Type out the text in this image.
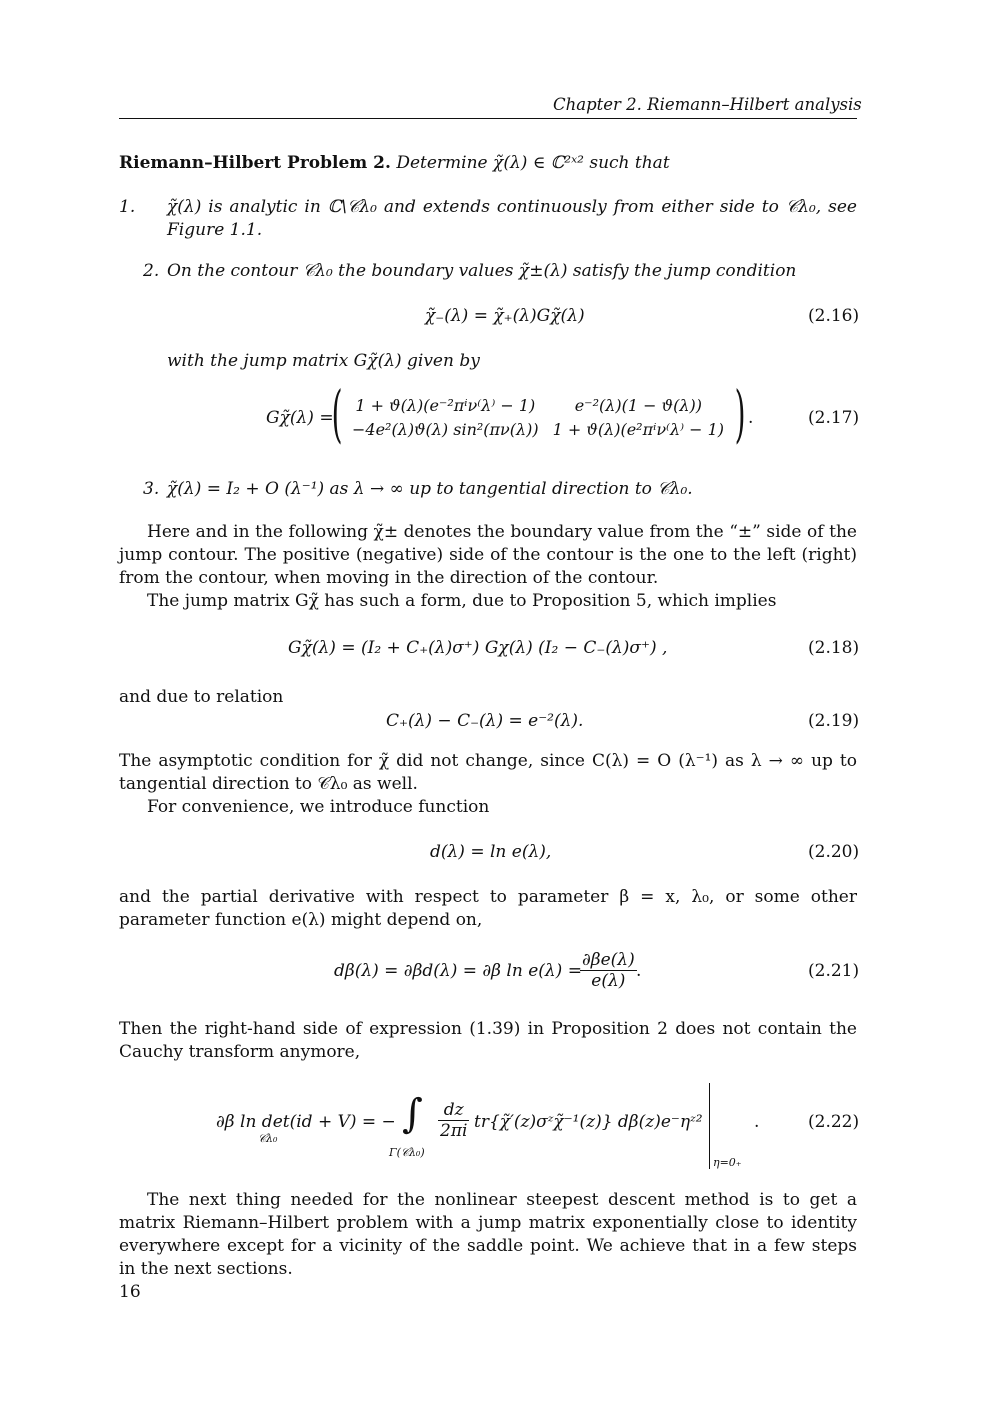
Chapter 2. Riemann–Hilbert analysis
Riemann–Hilbert Problem 2. Determine χ̃(λ) ∈ ℂ²ˣ² such that
1. χ̃(λ) is analytic in ℂ\𝒞λ₀ and extends continuously from either side to 𝒞λ₀, see Figure 1.1.
2. On the contour 𝒞λ₀ the boundary values χ̃±(λ) satisfy the jump condition
χ̃₋(λ) = χ̃₊(λ)Gχ̃(λ)	(2.16)
with the jump matrix Gχ̃(λ) given by
Gχ̃(λ) =
( 1 + ϑ(λ)(e⁻²πⁱν⁽λ⁾ − 1)	e⁻²(λ)(1 − ϑ(λ))
−4e²(λ)ϑ(λ) sin²(πν(λ))	1 + ϑ(λ)(e²πⁱν⁽λ⁾ − 1) ) .	(2.17)
3. χ̃(λ) = I₂ + O (λ⁻¹) as λ → ∞ up to tangential direction to 𝒞λ₀.
Here and in the following χ̃± denotes the boundary value from the “±” side of the jump contour. The positive (negative) side of the contour is the one to the left (right) from the contour, when moving in the direction of the contour.
The jump matrix Gχ̃ has such a form, due to Proposition 5, which implies
Gχ̃(λ) = (I₂ + C₊(λ)σ⁺) Gχ(λ) (I₂ − C₋(λ)σ⁺) ,	(2.18)
and due to relation
C₊(λ) − C₋(λ) = e⁻²(λ).	(2.19)
The asymptotic condition for χ̃ did not change, since C(λ) = O (λ⁻¹) as λ → ∞ up to tangential direction to 𝒞λ₀ as well.
For convenience, we introduce function
d(λ) = ln e(λ),	(2.20)
and the partial derivative with respect to parameter β = x, λ₀, or some other parameter function e(λ) might depend on,
dβ(λ) = ∂βd(λ) = ∂β ln e(λ) =
$\frac{\partial\beta e(\lambda)}{e(\lambda)}$ .	(2.21)
Then the right-hand side of expression (1.39) in Proposition 2 does not contain the Cauchy transform anymore,
∂β ln det(id + V) = −
𝒞λ₀
∫
Γ(𝒞λ₀)
$\frac{dz}{2\pi i}$ tr{χ̃′(z)σᶻχ̃⁻¹(z)} dβ(z)e⁻ηᶻ²
η=0₊
.	(2.22)
The next thing needed for the nonlinear steepest descent method is to get a matrix Riemann–Hilbert problem with a jump matrix exponentially close to identity everywhere except for a vicinity of the saddle point. We achieve that in a few steps in the next sections.
16
